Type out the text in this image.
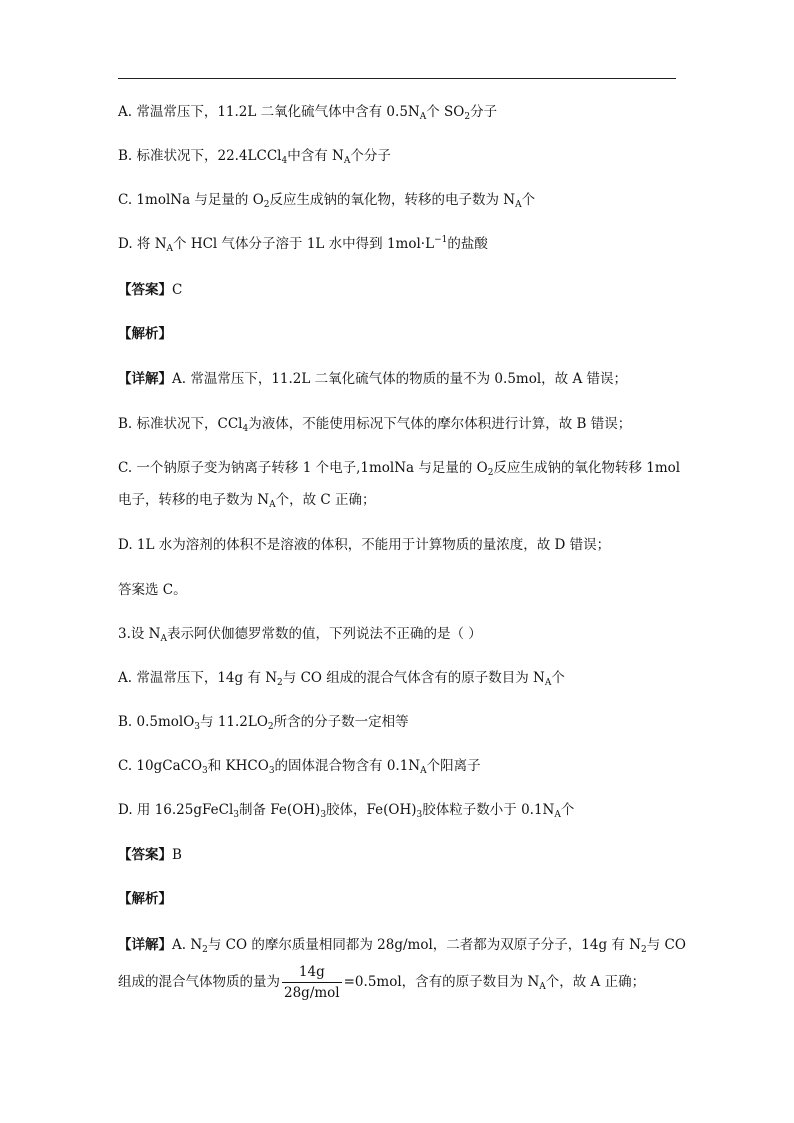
A. 常温常压下，11.2L 二氧化硫气体中含有 $0.5N_A$个 $SO_2$分子
B. 标准状况下，22.4LCCl$_4$中含有 $N_A$个分子
C. 1molNa 与足量的 $O_2$反应生成钠的氧化物，转移的电子数为 $N_A$个
D. 将 $N_A$个 HCl 气体分子溶于 1L 水中得到 $1mol\cdot L^{-1}$的盐酸
【答案】C
【解析】
【详解】A. 常温常压下，11.2L 二氧化硫气体的物质的量不为 0.5mol，故 A 错误；
B. 标准状况下，CCl$_4$为液体，不能使用标况下气体的摩尔体积进行计算，故 B 错误；
C. 一个钠原子变为钠离子转移 1 个电子,1molNa 与足量的 $O_2$反应生成钠的氧化物转移 1mol
电子，转移的电子数为 $N_A$个，故 C 正确；
D. 1L 水为溶剂的体积不是溶液的体积，不能用于计算物质的量浓度，故 D 错误；
答案选 C。
3.设 $N_A$表示阿伏伽德罗常数的值，下列说法不正确的是（ ）
A. 常温常压下，14g 有 $N_2$与 CO 组成的混合气体含有的原子数目为 $N_A$个
B. 0.5molO$_3$与 $11.2LO_2$所含的分子数一定相等
C. 10gCaCO$_3$和 $KHCO_3$的固体混合物含有 $0.1N_A$个阳离子
D. 用 16.25gFeCl$_3$制备 $Fe(OH)_3$胶体，$Fe(OH)_3$胶体粒子数小于 $0.1N_A$个
【答案】B
【解析】
【详解】A. $N_2$与 CO 的摩尔质量相同都为 28g/mol，二者都为双原子分子，14g 有 $N_2$与 CO
组成的混合气体物质的量为 $\frac{14g}{\text{28g/mol}} =0.5mol$，含有的原子数目为 $N_A$个，故 A 正确；
